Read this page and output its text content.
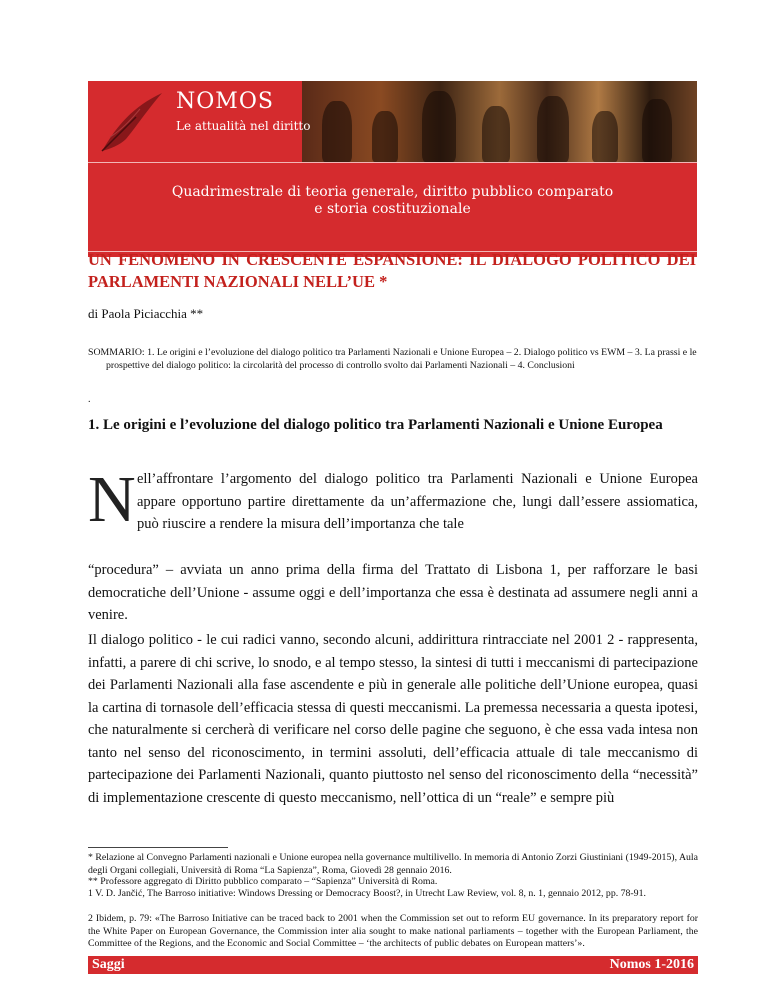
NOMOS
Le attualità nel diritto
Quadrimestrale di teoria generale, diritto pubblico comparato
e storia costituzionale
UN FENOMENO IN CRESCENTE ESPANSIONE: IL DIALOGO POLITICO DEI PARLAMENTI NAZIONALI NELL’UE *
di Paola Piciacchia **
SOMMARIO: 1. Le origini e l’evoluzione del dialogo politico tra Parlamenti Nazionali e Unione Europea – 2. Dialogo politico vs EWM – 3. La prassi e le prospettive del dialogo politico: la circolarità del processo di controllo svolto dai Parlamenti Nazionali – 4. Conclusioni
.
1. Le origini e l’evoluzione del dialogo politico tra Parlamenti Nazionali e Unione Europea
N ell’affrontare l’argomento del dialogo politico tra Parlamenti Nazionali e Unione Europea appare opportuno partire direttamente da un’affermazione che, lungi dall’essere assiomatica, può riuscire a rendere la misura dell’importanza che tale
“procedura” – avviata un anno prima della firma del Trattato di Lisbona 1, per rafforzare le basi democratiche dell’Unione - assume oggi e dell’importanza che essa è destinata ad assumere negli anni a venire.
Il dialogo politico - le cui radici vanno, secondo alcuni, addirittura rintracciate nel 2001 2 - rappresenta, infatti, a parere di chi scrive, lo snodo, e al tempo stesso, la sintesi di tutti i meccanismi di partecipazione dei Parlamenti Nazionali alla fase ascendente e più in generale alle politiche dell’Unione europea, quasi la cartina di tornasole dell’efficacia stessa di questi meccanismi. La premessa necessaria a questa ipotesi, che naturalmente si cercherà di verificare nel corso delle pagine che seguono, è che essa vada intesa non tanto nel senso del riconoscimento, in termini assoluti, dell’efficacia attuale di tale meccanismo di partecipazione dei Parlamenti Nazionali, quanto piuttosto nel senso del riconoscimento della “necessità” di implementazione crescente di questo meccanismo, nell’ottica di un “reale” e sempre più
* Relazione al Convegno Parlamenti nazionali e Unione europea nella governance multilivello. In memoria di Antonio Zorzi Giustiniani (1949-2015), Aula degli Organi collegiali, Università di Roma “La Sapienza”, Roma, Giovedì 28 gennaio 2016.
** Professore aggregato di Diritto pubblico comparato – “Sapienza” Università di Roma.
1 V. D. Jančić, The Barroso initiative: Windows Dressing or Democracy Boost?, in Utrecht Law Review, vol. 8, n. 1, gennaio 2012, pp. 78-91.
2 Ibidem, p. 79: «The Barroso Initiative can be traced back to 2001 when the Commission set out to reform EU governance. In its preparatory report for the White Paper on European Governance, the Commission inter alia sought to make national parliaments – together with the European Parliament, the Committee of the Regions, and the Economic and Social Committee – ‘the architects of public debates on European matters’».
Saggi	Nomos 1-2016
